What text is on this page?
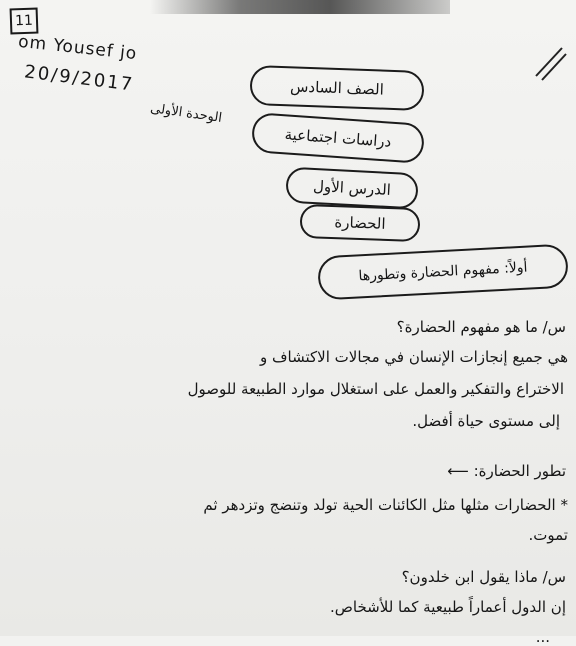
11
om Yousef jo
20/9/2017	الصف السادس
دراسات اجتماعية
الوحدة الأولى
الدرس الأول
الحضارة
أولاً: مفهوم الحضارة وتطورها
س/ ما هو مفهوم الحضارة؟
هي جميع إنجازات الإنسان في مجالات الاكتشاف و
الاختراع والتفكير والعمل على استغلال موارد الطبيعة للوصول
إلى مستوى حياة أفضل.
تطور الحضارة: ⟵
* الحضارات مثلها مثل الكائنات الحية تولد وتنضج وتزدهر ثم
تموت.
س/ ماذا يقول ابن خلدون؟
إن الدول أعماراً طبيعية كما للأشخاص.
...
